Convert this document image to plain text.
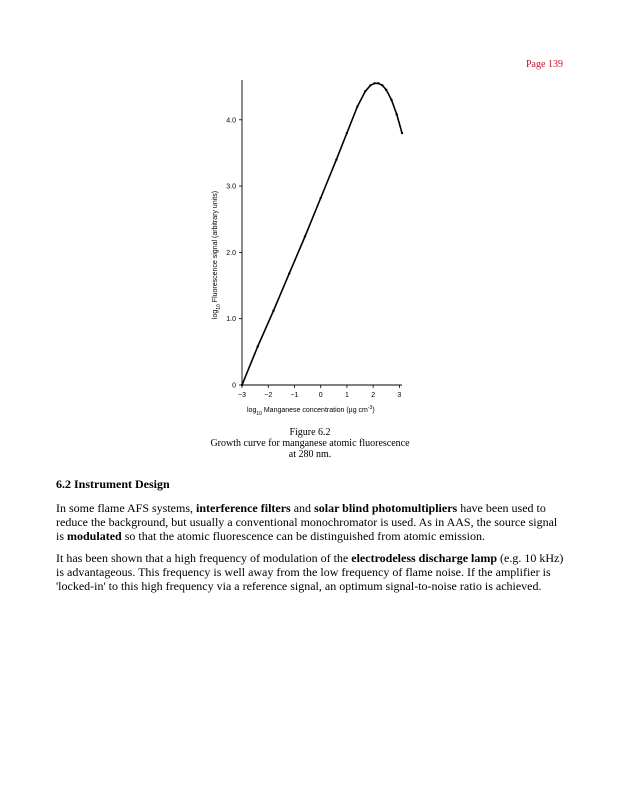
Page 139
−3	−2	−1	0	1	2	3
0
1.0
2.0
3.0
4.0
$\log_{10}$ Fluorescence signal (arbitrary units)
$\log_{10}$ Manganese concentration (µg $cm^{-3}$)
Figure 6.2
Growth curve for manganese atomic fluorescence
at 280 nm.
6.2 Instrument Design
In some flame AFS systems, interference filters and solar blind photomultipliers have been used to reduce the background, but usually a conventional monochromator is used. As in AAS, the source signal is modulated so that the atomic fluorescence can be distinguished from atomic emission.
It has been shown that a high frequency of modulation of the electrodeless discharge lamp (e.g. 10 kHz) is advantageous. This frequency is well away from the low frequency of flame noise. If the amplifier is 'locked-in' to this high frequency via a reference signal, an optimum signal-to-noise ratio is achieved.
